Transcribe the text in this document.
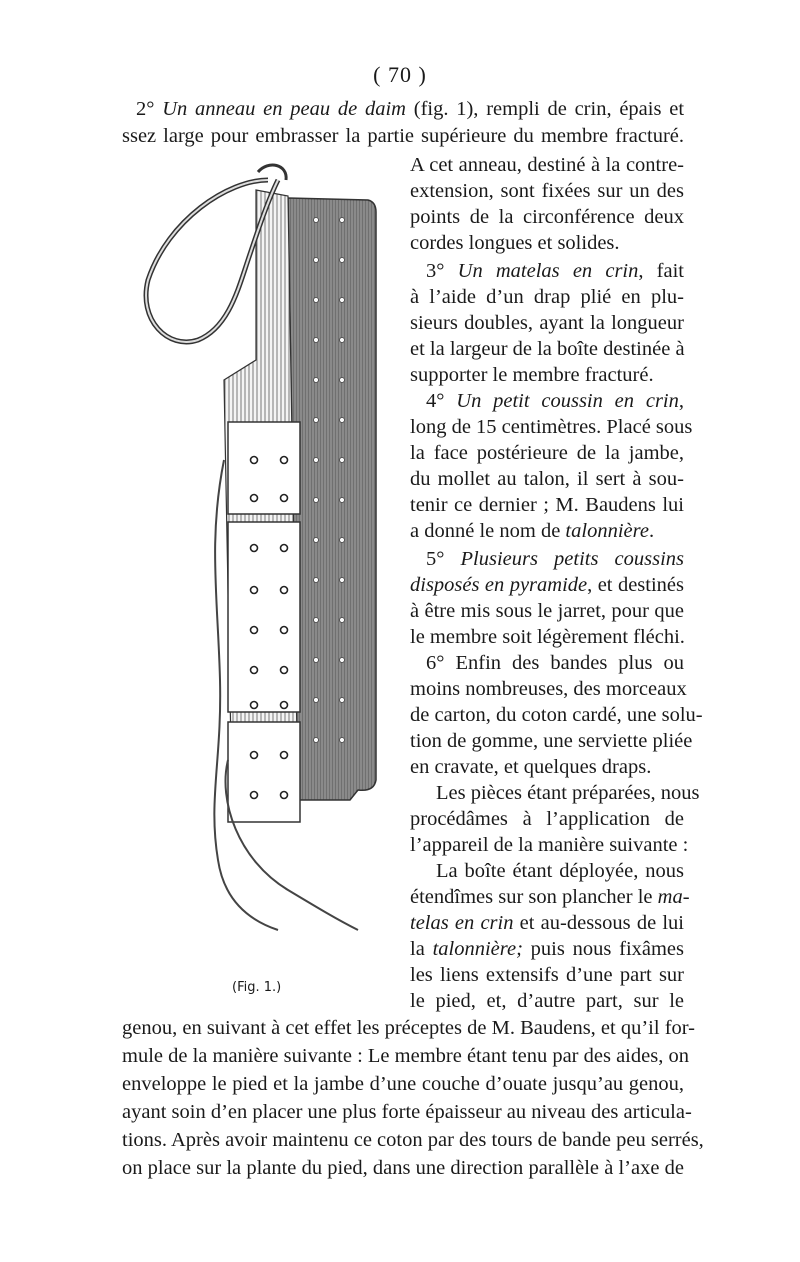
( 70 )
2° Un anneau en peau de daim (fig. 1), rempli de crin, épais et
ssez large pour embrasser la partie supérieure du membre fracturé.
A cet anneau, destiné à la contre-
extension, sont fixées sur un des
points de la circonférence deux
cordes longues et solides.
3° Un matelas en crin, fait
à l’aide d’un drap plié en plu-
sieurs doubles, ayant la longueur
et la largeur de la boîte destinée à
supporter le membre fracturé.
4° Un petit coussin en crin,
long de 15 centimètres. Placé sous
la face postérieure de la jambe,
du mollet au talon, il sert à sou-
tenir ce dernier ; M. Baudens lui
a donné le nom de talonnière.
5° Plusieurs petits coussins
disposés en pyramide, et destinés
à être mis sous le jarret, pour que
le membre soit légèrement fléchi.
6° Enfin des bandes plus ou
moins nombreuses, des morceaux
de carton, du coton cardé, une solu-
tion de gomme, une serviette pliée
en cravate, et quelques draps.
Les pièces étant préparées, nous
procédâmes à l’application de
l’appareil de la manière suivante :
La boîte étant déployée, nous
étendîmes sur son plancher le ma-
telas en crin et au-dessous de lui
la talonnière; puis nous fixâmes
les liens extensifs d’une part sur
le pied, et, d’autre part, sur le
genou, en suivant à cet effet les préceptes de M. Baudens, et qu’il for-
mule de la manière suivante : Le membre étant tenu par des aides, on
enveloppe le pied et la jambe d’une couche d’ouate jusqu’au genou,
ayant soin d’en placer une plus forte épaisseur au niveau des articula-
tions. Après avoir maintenu ce coton par des tours de bande peu serrés,
on place sur la plante du pied, dans une direction parallèle à l’axe de
(Fig. 1.)
